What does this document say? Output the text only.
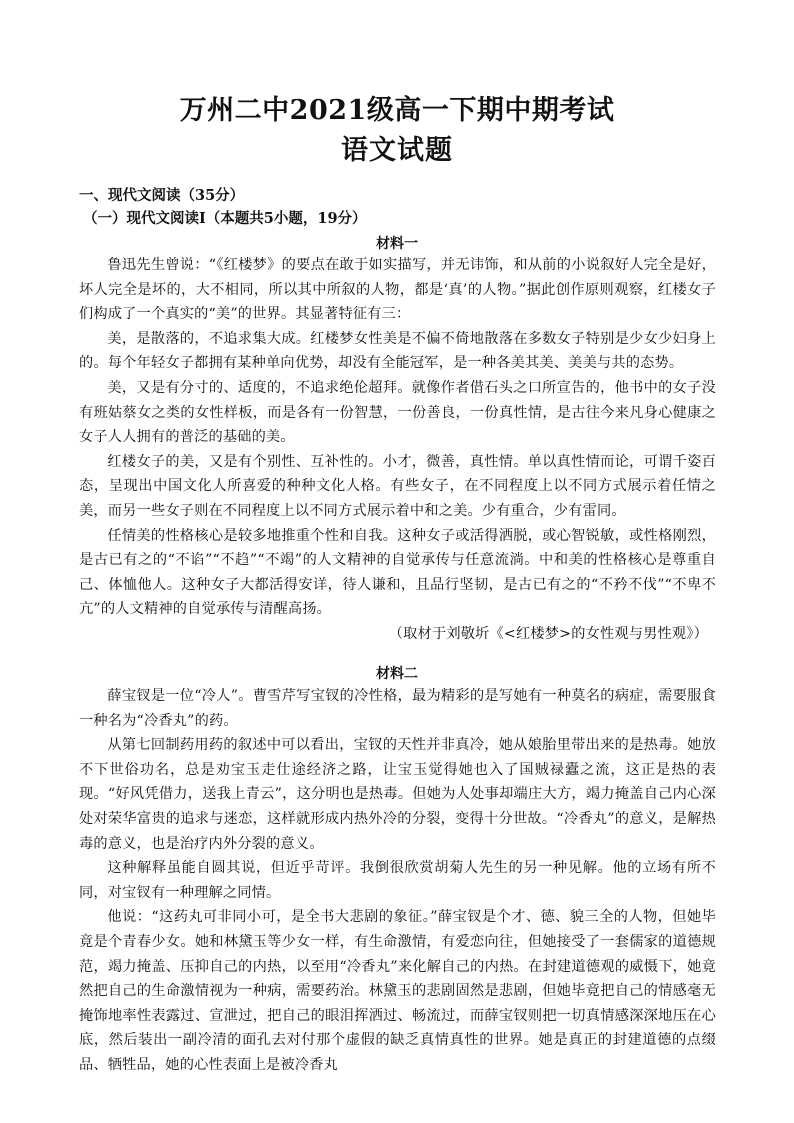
万州二中2021级高一下期中期考试
语文试题
一、现代文阅读（35分）
（一）现代文阅读Ⅰ（本题共5小题，19分）
材料一

鲁迅先生曾说：“《红楼梦》的要点在敢于如实描写，并无讳饰，和从前的小说叙好人完全是好，坏人完全是坏的，大不相同，所以其中所叙的人物，都是‘真’的人物。”据此创作原则观察，红楼女子们构成了一个真实的“美”的世界。其显著特征有三：

美，是散落的，不追求集大成。红楼梦女性美是不偏不倚地散落在多数女子特别是少女少妇身上的。每个年轻女子都拥有某种单向优势，却没有全能冠军，是一种各美其美、美美与共的态势。

美，又是有分寸的、适度的，不追求绝伦超拜。就像作者借石头之口所宣告的，他书中的女子没有班姑蔡女之类的女性样板，而是各有一份智慧，一份善良，一份真性情，是古往今来凡身心健康之女子人人拥有的普泛的基础的美。

红楼女子的美，又是有个别性、互补性的。小才，微善，真性情。单以真性情而论，可谓千姿百态，呈现出中国文化人所喜爱的种种文化人格。有些女子，在不同程度上以不同方式展示着任情之美，而另一些女子则在不同程度上以不同方式展示着中和之美。少有重合，少有雷同。

任情美的性格核心是较多地推重个性和自我。这种女子或活得洒脱，或心智锐敏，或性格刚烈，是古已有之的“不谄”“不趋”“不竭”的人文精神的自觉承传与任意流淌。中和美的性格核心是尊重自己、体恤他人。这种女子大都活得安详，待人谦和，且品行坚韧，是古已有之的“不矜不伐”“不卑不亢”的人文精神的自觉承传与清醒高扬。

（取材于刘敬圻《<红楼梦>的女性观与男性观》）

材料二

薛宝钗是一位“冷人”。曹雪芹写宝钗的冷性格，最为精彩的是写她有一种莫名的病症，需要服食一种名为“冷香丸”的药。

从第七回制药用药的叙述中可以看出，宝钗的天性并非真冷，她从娘胎里带出来的是热毒。她放不下世俗功名，总是劝宝玉走仕途经济之路，让宝玉觉得她也入了国贼禄蠹之流，这正是热的表现。“好风凭借力，送我上青云”，这分明也是热毒。但她为人处事却端庄大方，竭力掩盖自己内心深处对荣华富贵的追求与迷恋，这样就形成内热外冷的分裂，变得十分世故。“冷香丸”的意义，是解热毒的意义，也是治疗内外分裂的意义。

这种解释虽能自圆其说，但近乎苛评。我倒很欣赏胡菊人先生的另一种见解。他的立场有所不同，对宝钗有一种理解之同情。

他说：“这药丸可非同小可，是全书大悲剧的象征。”薛宝钗是个才、德、貌三全的人物，但她毕竟是个青春少女。她和林黛玉等少女一样，有生命激情，有爱恋向往，但她接受了一套儒家的道德规范，竭力掩盖、压抑自己的内热，以至用“冷香丸”来化解自己的内热。在封建道德观的威慑下，她竟然把自己的生命激情视为一种病，需要药治。林黛玉的悲剧固然是悲剧，但她毕竟把自己的情感毫无掩饰地率性表露过、宣泄过，把自己的眼泪挥洒过、畅流过，而薛宝钗则把一切真情感深深地压在心底，然后装出一副冷清的面孔去对付那个虚假的缺乏真情真性的世界。她是真正的封建道德的点缀品、牺牲品，她的心性表面上是被冷香丸
